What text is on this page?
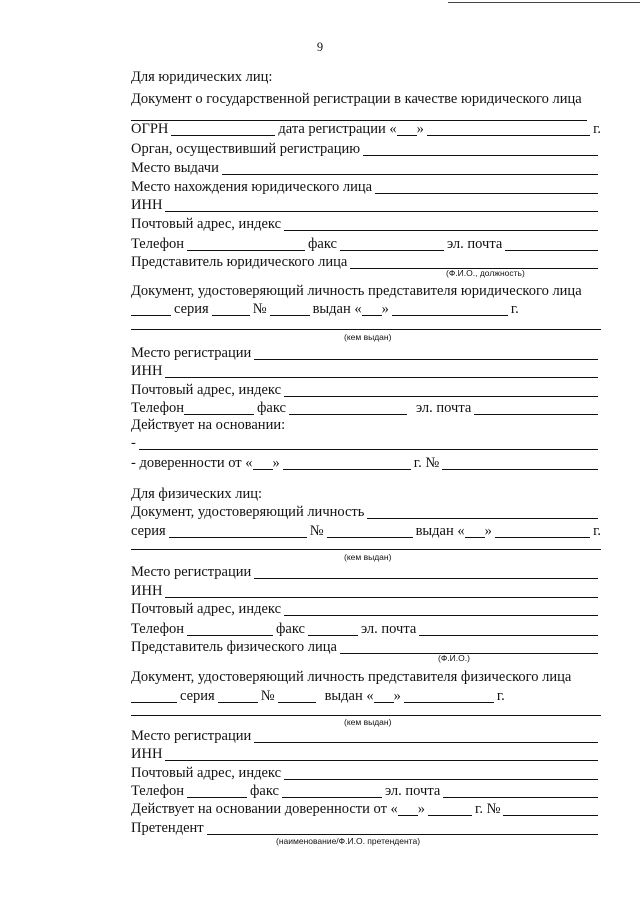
9
Для юридических лиц:
Документ о государственной регистрации в качестве юридического лица
ОГРН	дата регистрации « »	г.
Орган, осуществивший регистрацию
Место выдачи
Место нахождения юридического лица
ИНН
Почтовый адрес, индекс
Телефон	факс	эл. почта
Представитель юридического лица
(Ф.И.О., должность)
Документ, удостоверяющий личность представителя юридического лица
серия	№	выдан « »	г.
(кем выдан)
Место регистрации
ИНН
Почтовый адрес, индекс
Телефон	факс	эл. почта
Действует на основании:
-
- доверенности от « »	г. №
Для физических лиц:
Документ, удостоверяющий личность
серия	№	выдан « »	г.
(кем выдан)
Место регистрации
ИНН
Почтовый адрес, индекс
Телефон	факс	эл. почта
Представитель физического лица
(Ф.И.О.)
Документ, удостоверяющий личность представителя физического лица
серия	№	выдан « »	г.
(кем выдан)
Место регистрации
ИНН
Почтовый адрес, индекс
Телефон	факс	эл. почта
Действует на основании доверенности от « »	г. №
Претендент
(наименование/Ф.И.О. претендента)
